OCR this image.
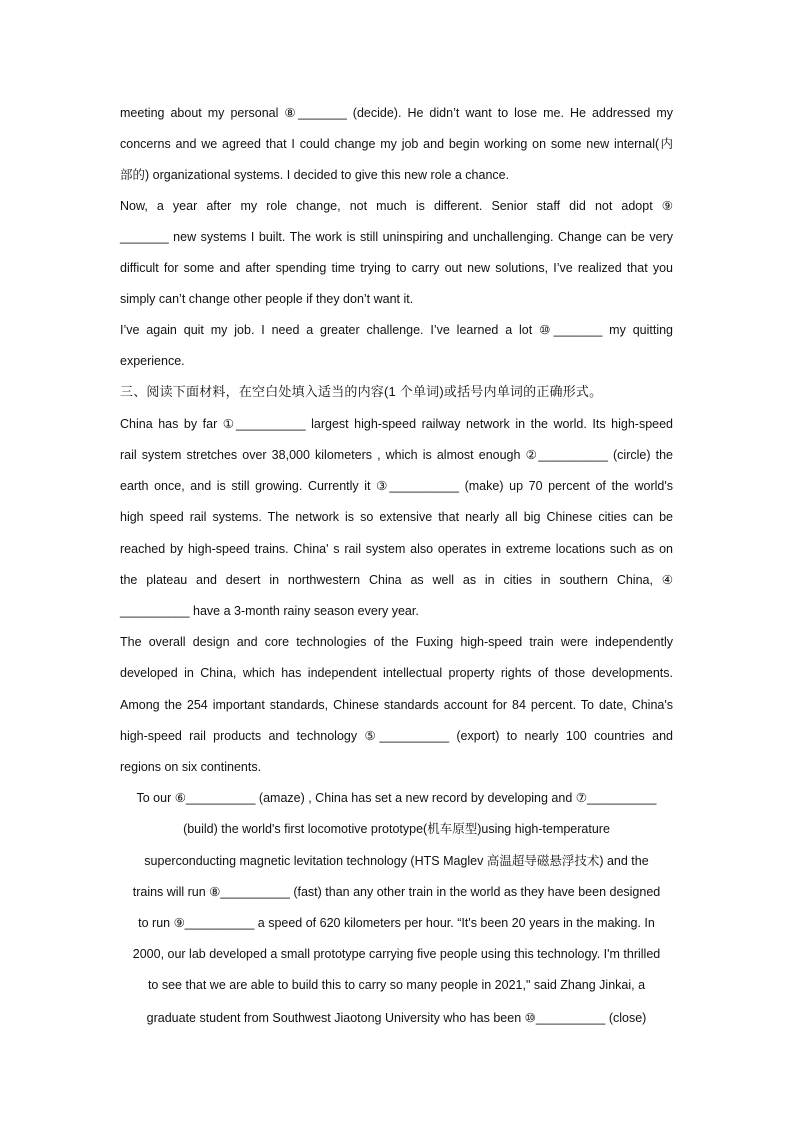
meeting about my personal ⑧_______ (decide). He didn’t want to lose me. He addressed my
concerns and we agreed that I could change my job and begin working on some new internal(内
部的) organizational systems. I decided to give this new role a chance.
Now, a year after my role change, not much is different. Senior staff did not adopt ⑨
_______ new systems I built. The work is still uninspiring and unchallenging. Change can be very
difficult for some and after spending time trying to carry out new solutions, I’ve realized that you
simply can’t change other people if they don’t want it.
I’ve again quit my job. I need a greater challenge. I’ve learned a lot ⑩_______ my quitting
experience.
三、阅读下面材料，在空白处填入适当的内容(1 个单词)或括号内单词的正确形式。
China has by far ①__________ largest high-speed railway network in the world. Its high-speed
rail system stretches over 38,000 kilometers , which is almost enough ②__________ (circle) the
earth once, and is still growing. Currently it ③__________ (make) up 70 percent of the world's
high speed rail systems. The network is so extensive that nearly all big Chinese cities can be
reached by high-speed trains. China' s rail system also operates in extreme locations such as on
the plateau and desert in northwestern China as well as in cities in southern China, ④
__________ have a 3-month rainy season every year.
The overall design and core technologies of the Fuxing high-speed train were independently
developed in China, which has independent intellectual property rights of those developments.
Among the 254 important standards, Chinese standards account for 84 percent. To date, China's
high-speed rail products and technology ⑤__________ (export) to nearly 100 countries and
regions on six continents.
To our ⑥__________ (amaze) , China has set a new record by developing and ⑦__________
(build) the world's first locomotive prototype(机车原型)using high-temperature
superconducting magnetic levitation technology (HTS Maglev 高温超导磁悬浮技术) and the
trains will run ⑧__________ (fast) than any other train in the world as they have been designed
to run ⑨__________ a speed of 620 kilometers per hour. “It's been 20 years in the making. In
2000, our lab developed a small prototype carrying five people using this technology. I'm thrilled
to see that we are able to build this to carry so many people in 2021," said Zhang Jinkai, a
graduate student from Southwest Jiaotong University who has been ⑩__________ (close)
